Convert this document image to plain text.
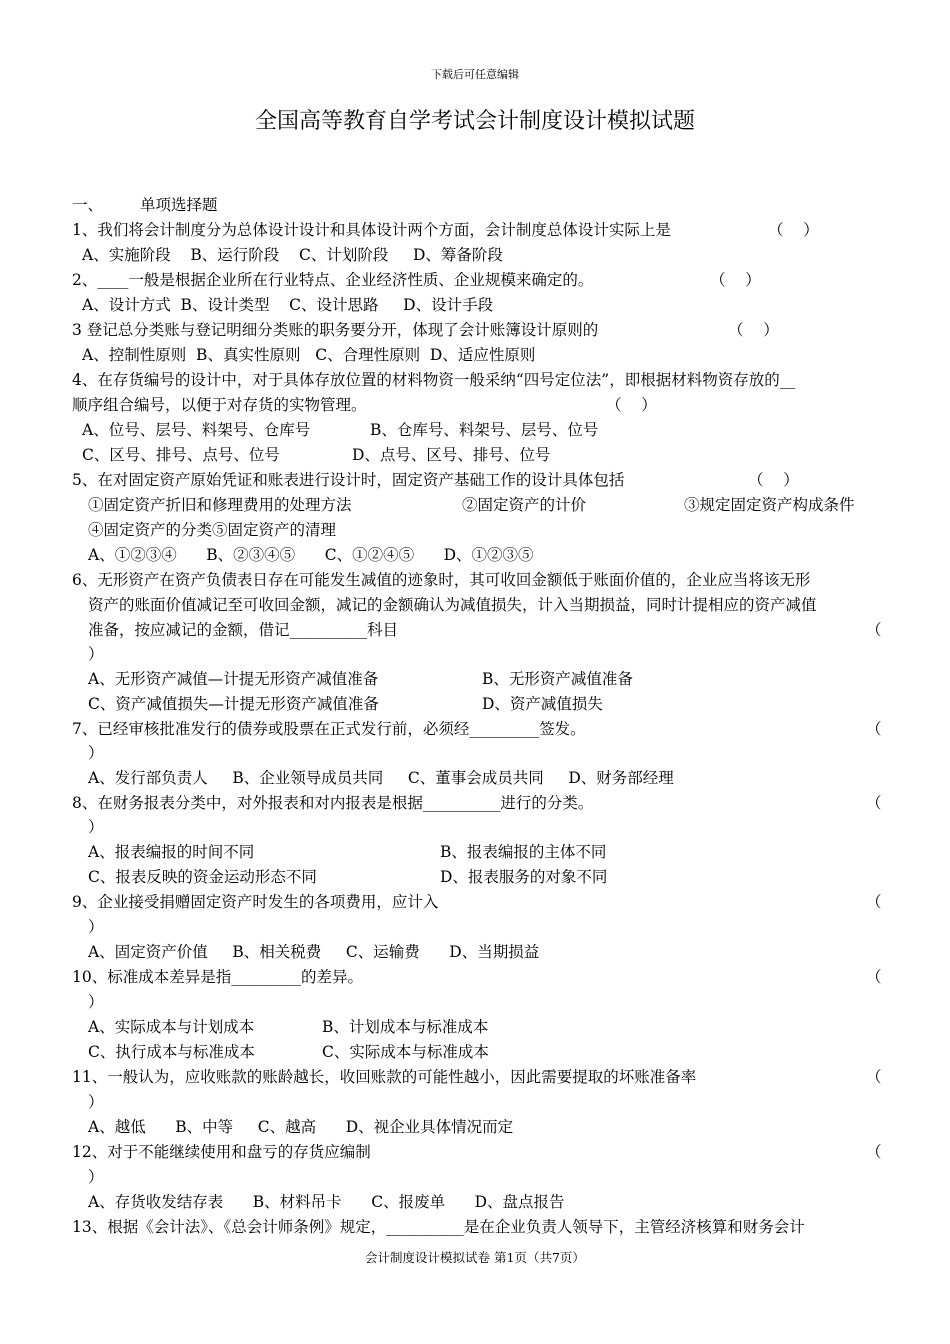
下载后可任意编辑
全国高等教育自学考试会计制度设计模拟试题
一、 单项选择题
1、我们将会计制度分为总体设计设计和具体设计两个方面，会计制度总体设计实际上是	（    ）
A、实施阶段    B、运行阶段    C、计划阶段     D、筹备阶段
2、____一般是根据企业所在行业特点、企业经济性质、企业规模来确定的。	（    ）
A、设计方式  B、设计类型    C、设计思路     D、设计手段
3 登记总分类账与登记明细分类账的职务要分开，体现了会计账簿设计原则的	（    ）
A、控制性原则  B、真实性原则   C、合理性原则  D、适应性原则
4、在存货编号的设计中，对于具体存放位置的材料物资一般采纳“四号定位法”，即根据材料物资存放的__
顺序组合编号，以便于对存货的实物管理。	（    ）
A、位号、层号、料架号、仓库号	B、仓库号、料架号、层号、位号
C、区号、排号、点号、位号	D、点号、区号、排号、位号
5、在对固定资产原始凭证和账表进行设计时，固定资产基础工作的设计具体包括	（    ）
①固定资产折旧和修理费用的处理方法	②固定资产的计价	③规定固定资产构成条件
④固定资产的分类⑤固定资产的清理
A、①②③④      B、②③④⑤      C、①②④⑤      D、①②③⑤
6、无形资产在资产负债表日存在可能发生减值的迹象时，其可收回金额低于账面价值的，企业应当将该无形
资产的账面价值减记至可收回金额，减记的金额确认为减值损失，计入当期损益，同时计提相应的资产减值
准备，按应减记的金额，借记__________科目	（
）
A、无形资产减值—计提无形资产减值准备	B、无形资产减值准备
C、资产减值损失—计提无形资产减值准备	D、资产减值损失
7、已经审核批准发行的债券或股票在正式发行前，必须经_________签发。	（
）
A、发行部负责人     B、企业领导成员共同     C、董事会成员共同     D、财务部经理
8、在财务报表分类中，对外报表和对内报表是根据__________进行的分类。	（
）
A、报表编报的时间不同	B、报表编报的主体不同
C、报表反映的资金运动形态不同	D、报表服务的对象不同
9、企业接受捐赠固定资产时发生的各项费用，应计入	（
）
A、固定资产价值     B、相关税费     C、运输费      D、当期损益
10、标准成本差异是指_________的差异。	（
）
A、实际成本与计划成本	B、计划成本与标准成本
C、执行成本与标准成本	C、实际成本与标准成本
11、一般认为，应收账款的账龄越长，收回账款的可能性越小，因此需要提取的坏账准备率	（
）
A、越低      B、中等     C、越高      D、视企业具体情况而定
12、对于不能继续使用和盘亏的存货应编制	（
）
A、存货收发结存表      B、材料吊卡      C、报废单      D、盘点报告
13、根据《会计法》、《总会计师条例》规定，__________是在企业负责人领导下，主管经济核算和财务会计
会计制度设计模拟试卷 第1页（共7页）
